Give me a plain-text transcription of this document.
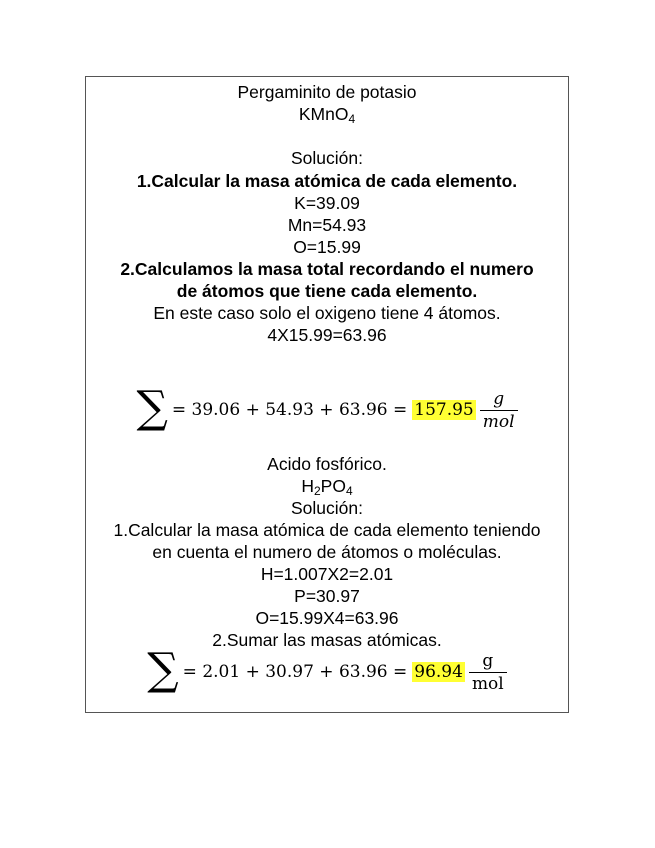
Pergaminito de potasio
KMnO$_4$
Solución:
1.Calcular la masa atómica de cada elemento.
K=39.09
Mn=54.93
O=15.99
2.Calculamos la masa total recordando el numero
de átomos que tiene cada elemento.
En este caso solo el oxigeno tiene 4 átomos.
4X15.99=63.96
∑ = $39.06 + 54.93 + 63.96 = 157.95 \frac{g}{\text{mol}}$
Acido fosfórico.
$H_2PO_4$
Solución:
1.Calcular la masa atómica de cada elemento teniendo
en cuenta el numero de átomos o moléculas.
H=1.007X2=2.01
P=30.97
O=15.99X4=63.96
2.Sumar las masas atómicas.
∑ = $2.01 + 30.97 + 63.96 = 96.94 \frac{g}{\text{mol}}$
